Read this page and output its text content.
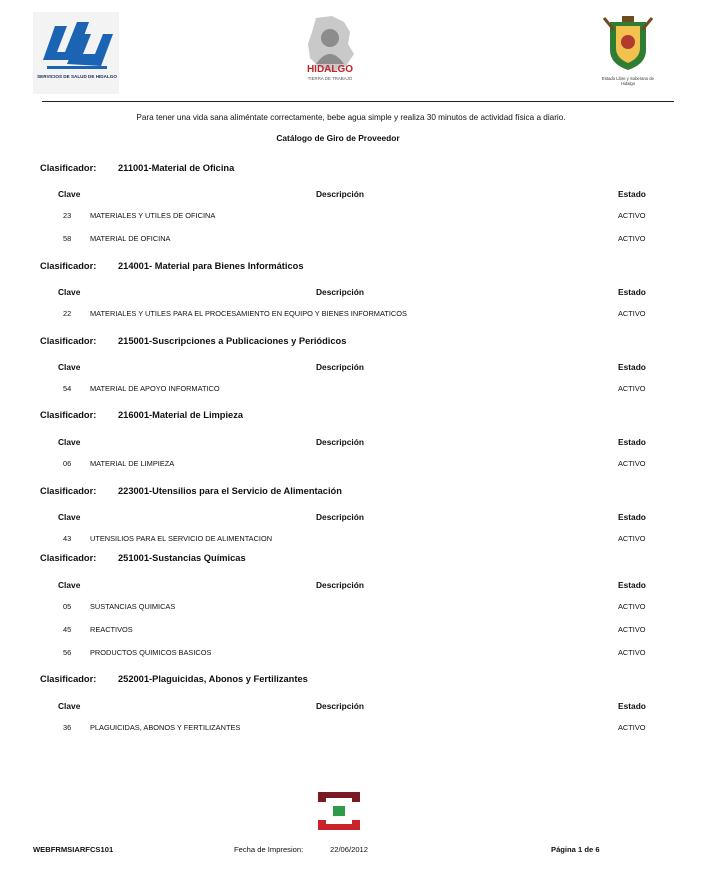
SERVICIOS DE SALUD DE HIDALGO
HIDALGO
TIERRA DE TRABAJO	Estado Libre y Soberano de Hidalgo
Para tener una vida sana aliméntate correctamente, bebe agua simple y realiza 30 minutos de actividad física a diario.
Catálogo de Giro de Proveedor
Clasificador: 211001-Material de Oficina
Clave	Descripción	Estado
23	MATERIALES Y UTILES DE OFICINA	ACTIVO
58	MATERIAL DE OFICINA	ACTIVO
Clasificador: 214001- Material para Bienes Informáticos
Clave	Descripción	Estado
22	MATERIALES Y UTILES PARA EL PROCESAMIENTO EN EQUIPO Y BIENES INFORMATICOS	ACTIVO
Clasificador: 215001-Suscripciones a Publicaciones y Periódicos
Clave	Descripción	Estado
54	MATERIAL DE APOYO INFORMATICO	ACTIVO
Clasificador: 216001-Material de Limpieza
Clave	Descripción	Estado
06	MATERIAL DE LIMPIEZA	ACTIVO
Clasificador: 223001-Utensilios para el Servicio de Alimentación
Clave	Descripción	Estado
43	UTENSILIOS PARA EL SERVICIO DE ALIMENTACION	ACTIVO
Clasificador: 251001-Sustancias Químicas
Clave	Descripción	Estado
05	SUSTANCIAS QUIMICAS	ACTIVO
45	REACTIVOS	ACTIVO
56	PRODUCTOS QUIMICOS BASICOS	ACTIVO
Clasificador: 252001-Plaguicidas, Abonos y Fertilizantes
Clave	Descripción	Estado
36	PLAGUICIDAS, ABONOS Y FERTILIZANTES	ACTIVO
WEBFRMSIARFCS101	Fecha de Impresion:	22/06/2012	Página 1 de 6
